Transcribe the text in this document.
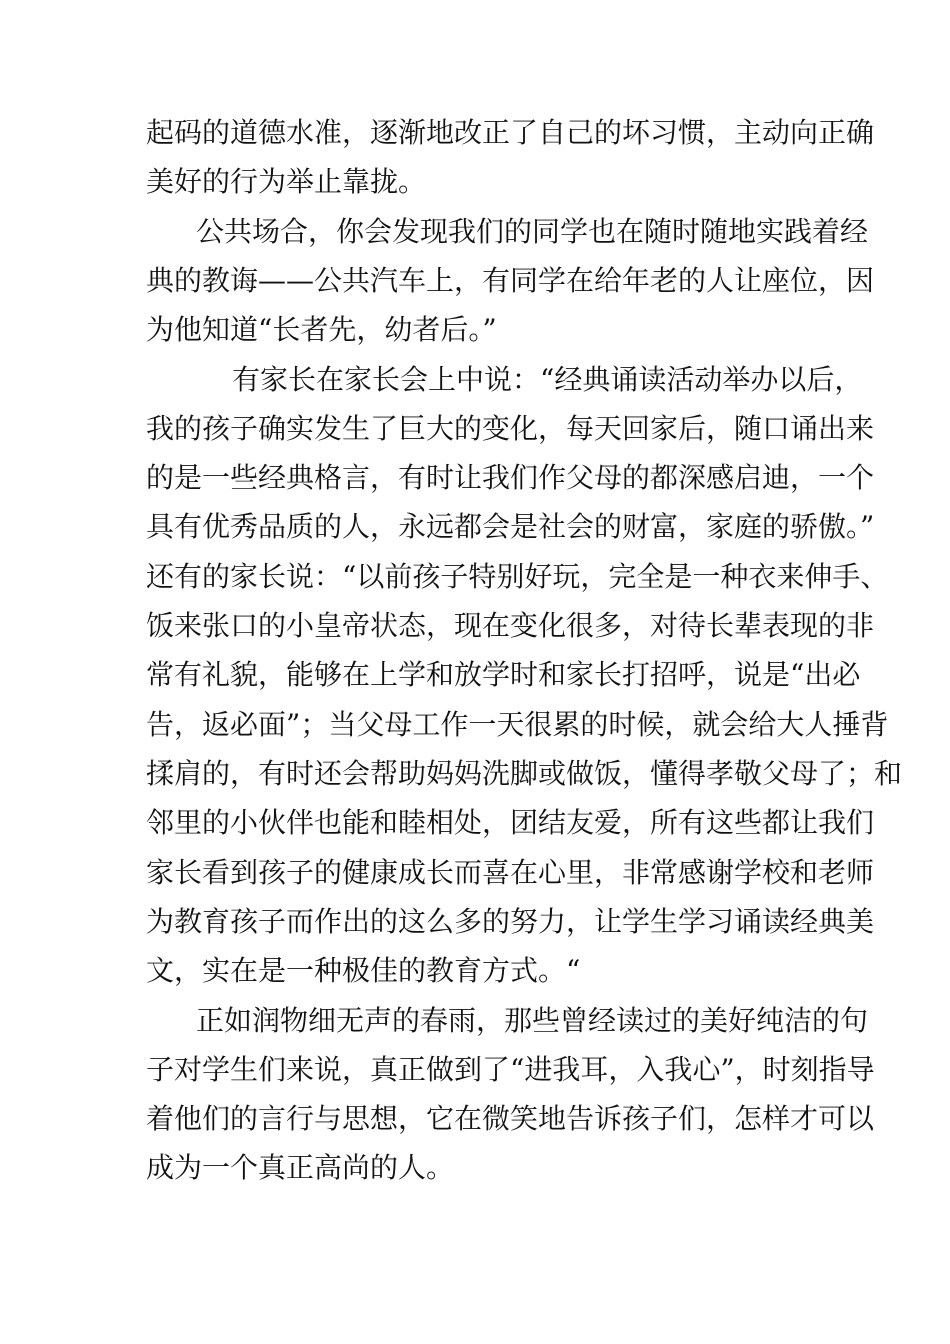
起码的道德水准，逐渐地改正了自己的坏习惯，主动向正确
美好的行为举止靠拢。
公共场合，你会发现我们的同学也在随时随地实践着经
典的教诲——公共汽车上，有同学在给年老的人让座位，因
为他知道“长者先，幼者后。”
有家长在家长会上中说：“经典诵读活动举办以后，
我的孩子确实发生了巨大的变化，每天回家后，随口诵出来
的是一些经典格言，有时让我们作父母的都深感启迪，一个
具有优秀品质的人，永远都会是社会的财富，家庭的骄傲。”
还有的家长说：“以前孩子特别好玩，完全是一种衣来伸手、
饭来张口的小皇帝状态，现在变化很多，对待长辈表现的非
常有礼貌，能够在上学和放学时和家长打招呼，说是“出必
告，返必面”；当父母工作一天很累的时候，就会给大人捶背
揉肩的，有时还会帮助妈妈洗脚或做饭，懂得孝敬父母了；和
邻里的小伙伴也能和睦相处，团结友爱，所有这些都让我们
家长看到孩子的健康成长而喜在心里，非常感谢学校和老师
为教育孩子而作出的这么多的努力，让学生学习诵读经典美
文，实在是一种极佳的教育方式。“
正如润物细无声的春雨，那些曾经读过的美好纯洁的句
子对学生们来说，真正做到了“进我耳，入我心”，时刻指导
着他们的言行与思想，它在微笑地告诉孩子们，怎样才可以
成为一个真正高尚的人。
